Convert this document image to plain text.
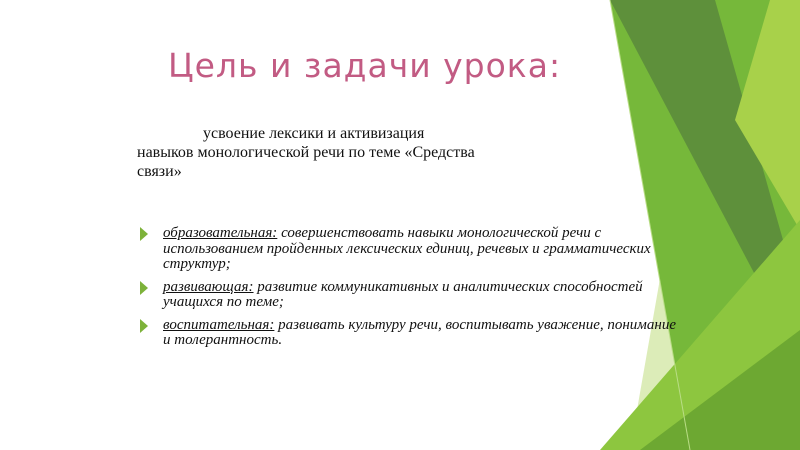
Цель и задачи урока:
усвоение лексики и активизация
навыков монологической речи по теме «Средства
связи»
образовательная: совершенствовать навыки монологической речи с использованием пройденных лексических единиц, речевых и грамматических структур;
развивающая: развитие коммуникативных и аналитических способностей учащихся по теме;
воспитательная: развивать культуру речи, воспитывать уважение, понимание и толерантность.
